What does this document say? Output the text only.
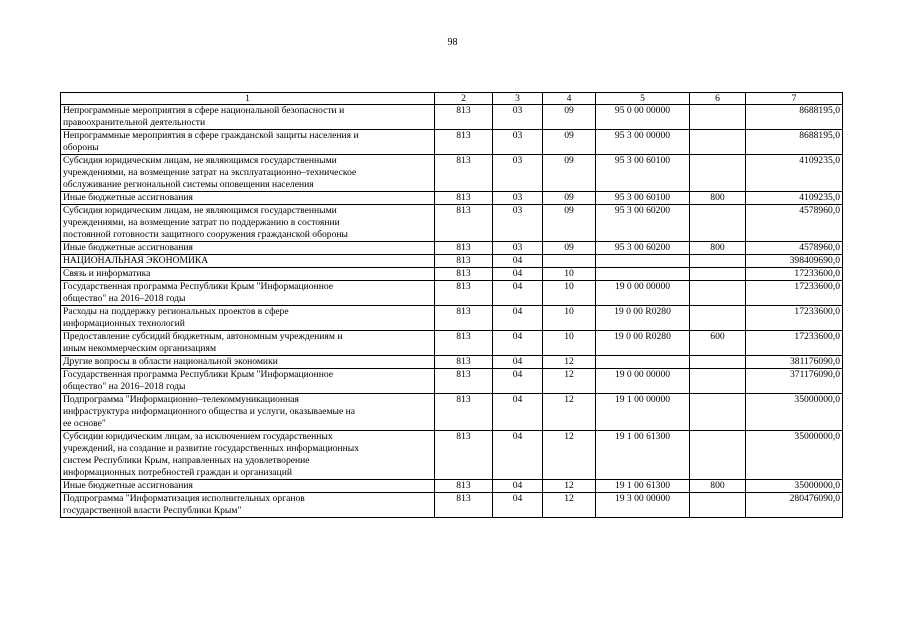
98
1	2	3	4	5	6	7

Непрограммные мероприятия в сфере национальной безопасности и
правоохранительной деятельности	813	03	09	95 0 00 00000		8688195,0

Непрограммные мероприятия в сфере гражданской защиты населения и
обороны	813	03	09	95 3 00 00000		8688195,0

Субсидия юридическим лицам, не являющимся государственными
учреждениями, на возмещение затрат на эксплуатационно–техническое
обслуживание региональной системы оповещения населения	813	03	09	95 3 00 60100		4109235,0

Иные бюджетные ассигнования	813	03	09	95 3 00 60100	800	4109235,0

Субсидия юридическим лицам, не являющимся государственными
учреждениями, на возмещение затрат по поддержанию в состоянии
постоянной готовности защитного сооружения гражданской обороны	813	03	09	95 3 00 60200		4578960,0

Иные бюджетные ассигнования	813	03	09	95 3 00 60200	800	4578960,0

НАЦИОНАЛЬНАЯ ЭКОНОМИКА	813	04				398409690,0

Связь и информатика	813	04	10			17233600,0

Государственная программа Республики Крым "Информационное
общество" на 2016–2018 годы	813	04	10	19 0 00 00000		17233600,0

Расходы на поддержку региональных проектов в сфере
информационных технологий	813	04	10	19 0 00 R0280		17233600,0

Предоставление субсидий бюджетным, автономным учреждениям и
иным некоммерческим организациям	813	04	10	19 0 00 R0280	600	17233600,0

Другие вопросы в области национальной экономики	813	04	12			381176090,0

Государственная программа Республики Крым "Информационное
общество" на 2016–2018 годы	813	04	12	19 0 00 00000		371176090,0

Подпрограмма "Информационно–телекоммуникационная
инфраструктура информационного общества и услуги, оказываемые на
ее основе"	813	04	12	19 1 00 00000		35000000,0

Субсидии юридическим лицам, за исключением государственных
учреждений, на создание и развитие государственных информационных
систем Республики Крым, направленных на удовлетворение
информационных потребностей граждан и организаций	813	04	12	19 1 00 61300		35000000,0

Иные бюджетные ассигнования	813	04	12	19 1 00 61300	800	35000000,0

Подпрограмма "Информатизация исполнительных органов
государственной власти Республики Крым"	813	04	12	19 3 00 00000		280476090,0
